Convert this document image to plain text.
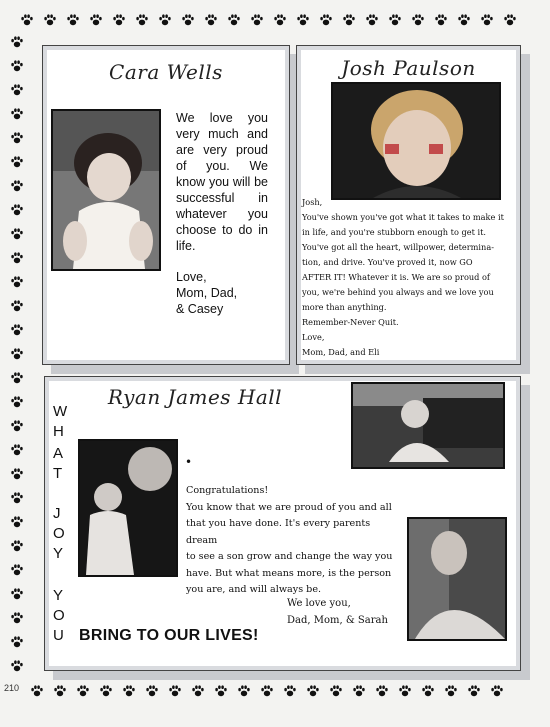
Cara Wells
We love you very much and are very proud of you. We know you will be successful in whatever you choose to do in life.
Love,
Mom, Dad,
& Casey
Josh Paulson
Josh,
You've shown you've got what it takes to make it
in life, and you're stubborn enough to get it.
You've got all the heart, willpower, determina-
tion, and drive. You've proved it, now GO
AFTER IT! Whatever it is. We are so proud of
you, we're behind you always and we love you
more than anything.
Remember-Never Quit.
Love,
Mom, Dad, and Eli
Ryan James Hall
W
H
A
T
J
O
Y
Y
O
U
•
Congratulations!
You know that we are proud of you and all
that you have done. It's every parents dream
to see a son grow and change the way you
have. But what means more, is the person
you are, and will always be.
We love you,
Dad, Mom, & Sarah
BRING TO OUR LIVES!
210
